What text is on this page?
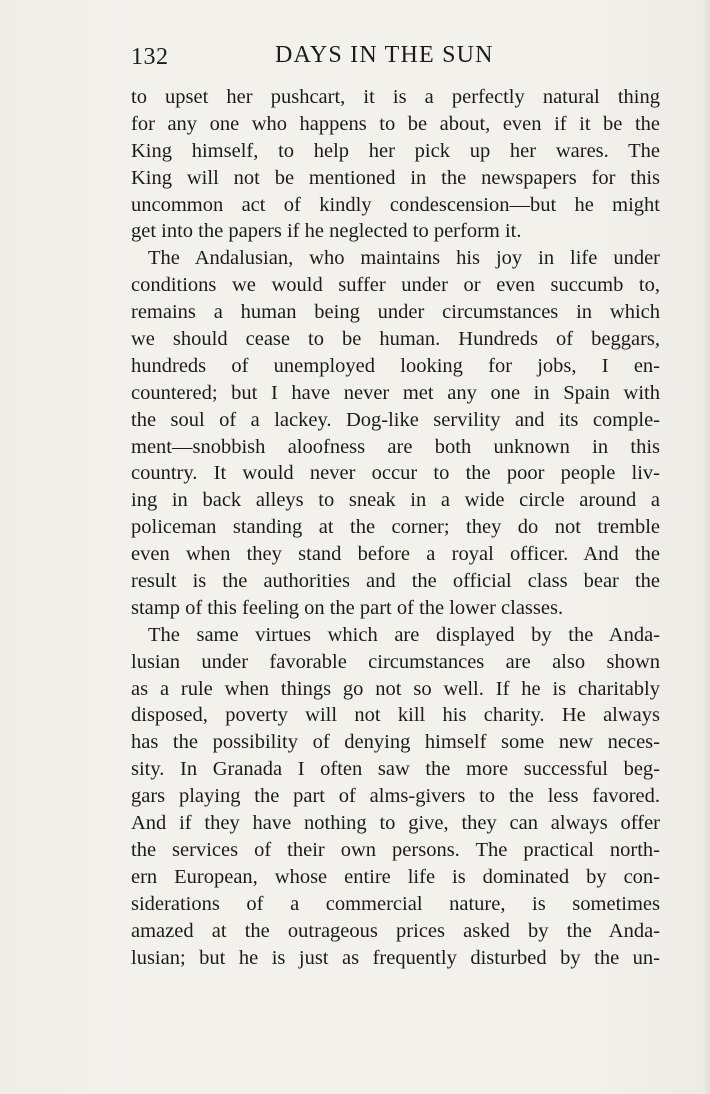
132	DAYS IN THE SUN
to upset her pushcart, it is a perfectly natural thing
for any one who happens to be about, even if it be the
King himself, to help her pick up her wares. The
King will not be mentioned in the newspapers for this
uncommon act of kindly condescension—but he might
get into the papers if he neglected to perform it.
The Andalusian, who maintains his joy in life under
conditions we would suffer under or even succumb to,
remains a human being under circumstances in which
we should cease to be human. Hundreds of beggars,
hundreds of unemployed looking for jobs, I en-
countered; but I have never met any one in Spain with
the soul of a lackey. Dog-like servility and its comple-
ment—snobbish aloofness are both unknown in this
country. It would never occur to the poor people liv-
ing in back alleys to sneak in a wide circle around a
policeman standing at the corner; they do not tremble
even when they stand before a royal officer. And the
result is the authorities and the official class bear the
stamp of this feeling on the part of the lower classes.
The same virtues which are displayed by the Anda-
lusian under favorable circumstances are also shown
as a rule when things go not so well. If he is charitably
disposed, poverty will not kill his charity. He always
has the possibility of denying himself some new neces-
sity. In Granada I often saw the more successful beg-
gars playing the part of alms-givers to the less favored.
And if they have nothing to give, they can always offer
the services of their own persons. The practical north-
ern European, whose entire life is dominated by con-
siderations of a commercial nature, is sometimes
amazed at the outrageous prices asked by the Anda-
lusian; but he is just as frequently disturbed by the un-
